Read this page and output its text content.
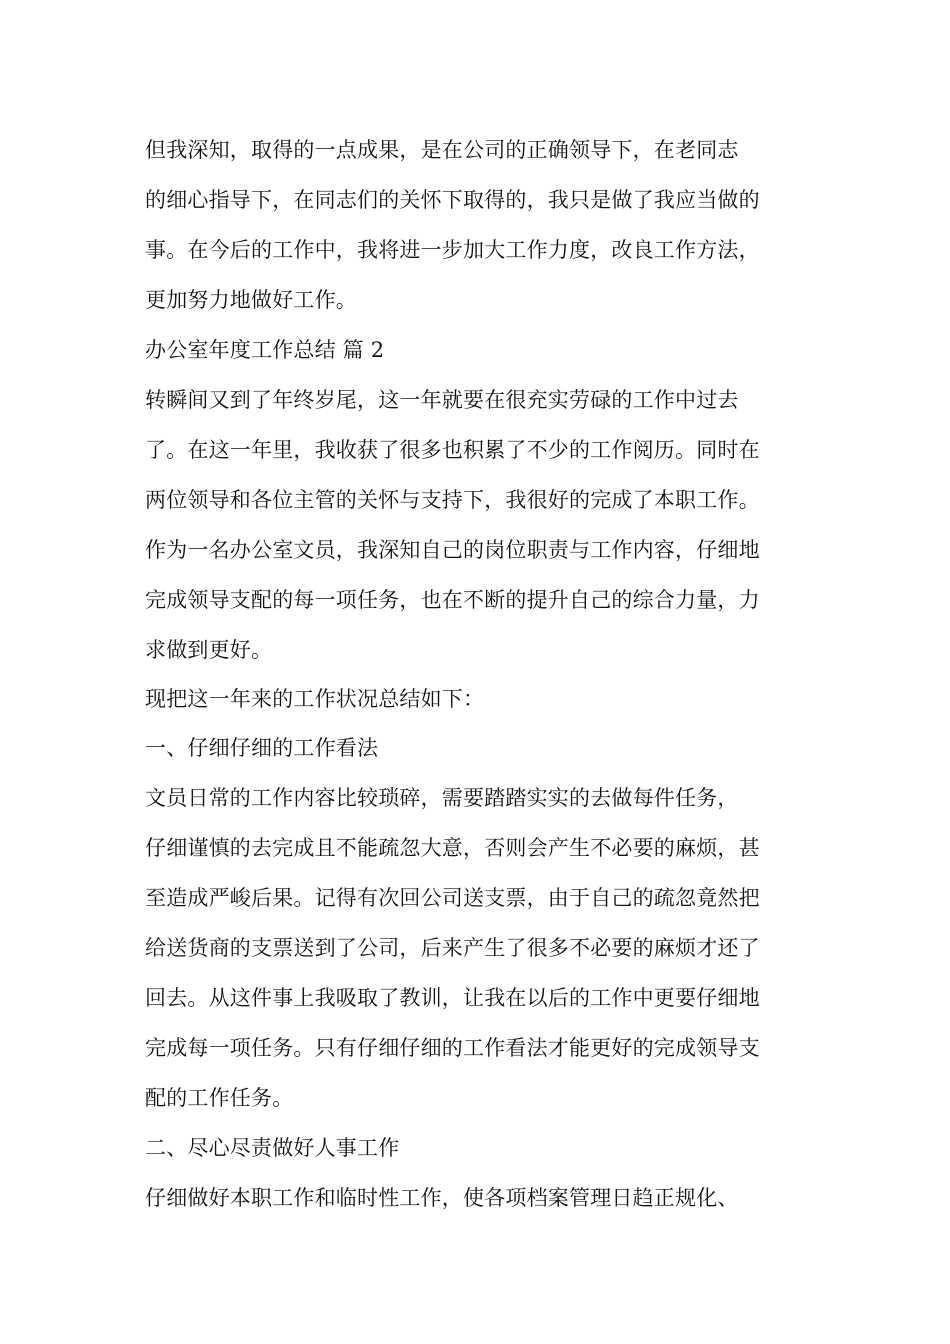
但我深知，取得的一点成果，是在公司的正确领导下，在老同志
的细心指导下，在同志们的关怀下取得的，我只是做了我应当做的
事。在今后的工作中，我将进一步加大工作力度，改良工作方法，
更加努力地做好工作。
办公室年度工作总结 篇 2
转瞬间又到了年终岁尾，这一年就要在很充实劳碌的工作中过去
了。在这一年里，我收获了很多也积累了不少的工作阅历。同时在
两位领导和各位主管的关怀与支持下，我很好的完成了本职工作。
作为一名办公室文员，我深知自己的岗位职责与工作内容，仔细地
完成领导支配的每一项任务，也在不断的提升自己的综合力量，力
求做到更好。
现把这一年来的工作状况总结如下：
一、仔细仔细的工作看法
文员日常的工作内容比较琐碎，需要踏踏实实的去做每件任务，
仔细谨慎的去完成且不能疏忽大意，否则会产生不必要的麻烦，甚
至造成严峻后果。记得有次回公司送支票，由于自己的疏忽竟然把
给送货商的支票送到了公司，后来产生了很多不必要的麻烦才还了
回去。从这件事上我吸取了教训，让我在以后的工作中更要仔细地
完成每一项任务。只有仔细仔细的工作看法才能更好的完成领导支
配的工作任务。
二、尽心尽责做好人事工作
仔细做好本职工作和临时性工作，使各项档案管理日趋正规化、
